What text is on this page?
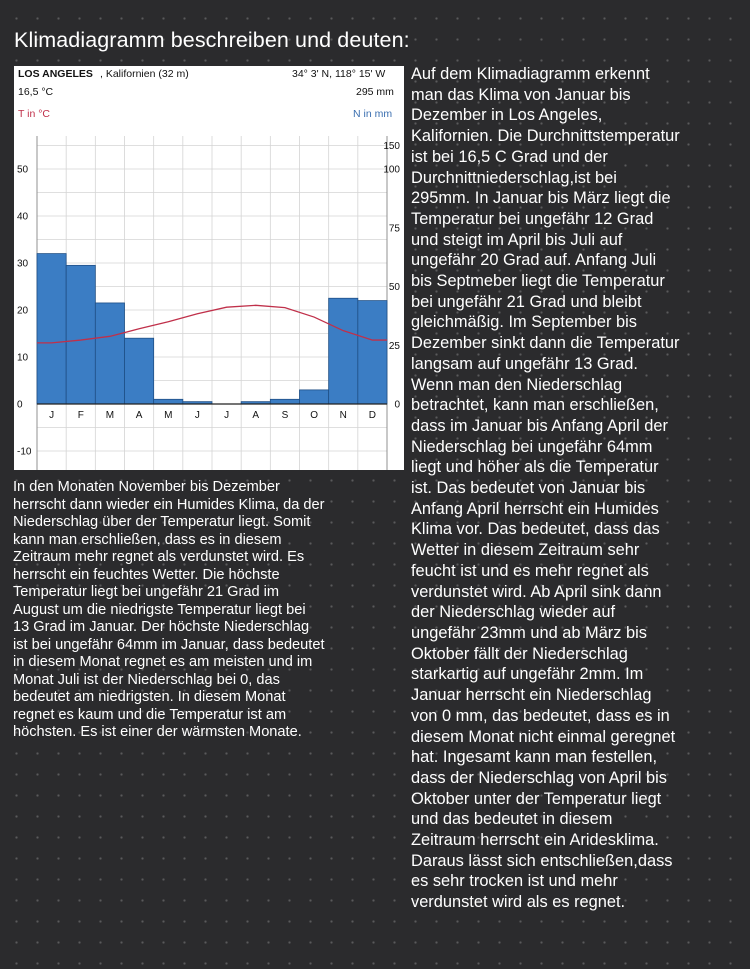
Klimadiagramm beschreiben und deuten:
J F M A M J J A S O N D
50
40
30
20
10
0
-10
150
100
75
50
25
0
LOS ANGELES , Kalifornien (32 m)	34° 3' N, 118° 15' W
16,5 °C	295 mm
T in °C	N in mm

Auf dem Klimadiagramm erkennt
man das Klima von Januar bis
Dezember in Los Angeles,
Kalifornien. Die Durchnittstemperatur
ist bei 16,5 C Grad und der
Durchnittniederschlag,ist bei
295mm. In Januar bis März liegt die
Temperatur bei ungefähr 12 Grad
und steigt im April bis Juli auf
ungefähr 20 Grad auf. Anfang Juli
bis Septmeber liegt die Temperatur
bei ungefähr 21 Grad und bleibt
gleichmäßig. Im September bis
Dezember sinkt dann die Temperatur
langsam auf ungefähr 13 Grad.
Wenn man den Niederschlag
betrachtet, kann man erschließen,
dass im Januar bis Anfang April der
Niederschlag bei ungefähr 64mm
liegt und höher als die Temperatur
ist. Das bedeutet von Januar bis
Anfang April herrscht ein Humides
Klima vor. Das bedeutet, dass das
Wetter in diesem Zeitraum sehr
feucht ist und es mehr regnet als
verdunstet wird. Ab April sink dann
der Niederschlag wieder auf
ungefähr 23mm und ab März bis
Oktober fällt der Niederschlag
starkartig auf ungefähr 2mm. Im
Januar herrscht ein Niederschlag
von 0 mm, das bedeutet, dass es in
diesem Monat nicht einmal geregnet
hat. Ingesamt kann man festellen,
dass der Niederschlag von April bis
Oktober unter der Temperatur liegt
und das bedeutet in diesem
Zeitraum herrscht ein Aridesklima.
Daraus lässt sich entschließen,dass
es sehr trocken ist und mehr
verdunstet wird als es regnet.

In den Monaten November bis Dezember
herrscht dann wieder ein Humides Klima, da der
Niederschlag über der Temperatur liegt. Somit
kann man erschließen, dass es in diesem
Zeitraum mehr regnet als verdunstet wird. Es
herrscht ein feuchtes Wetter. Die höchste
Temperatur liegt bei ungefähr 21 Grad im
August um die niedrigste Temperatur liegt bei
13 Grad im Januar. Der höchste Niederschlag
ist bei ungefähr 64mm im Januar, dass bedeutet
in diesem Monat regnet es am meisten und im
Monat Juli ist der Niederschlag bei 0, das
bedeutet am niedrigsten. In diesem Monat
regnet es kaum und die Temperatur ist am
höchsten. Es ist einer der wärmsten Monate.
